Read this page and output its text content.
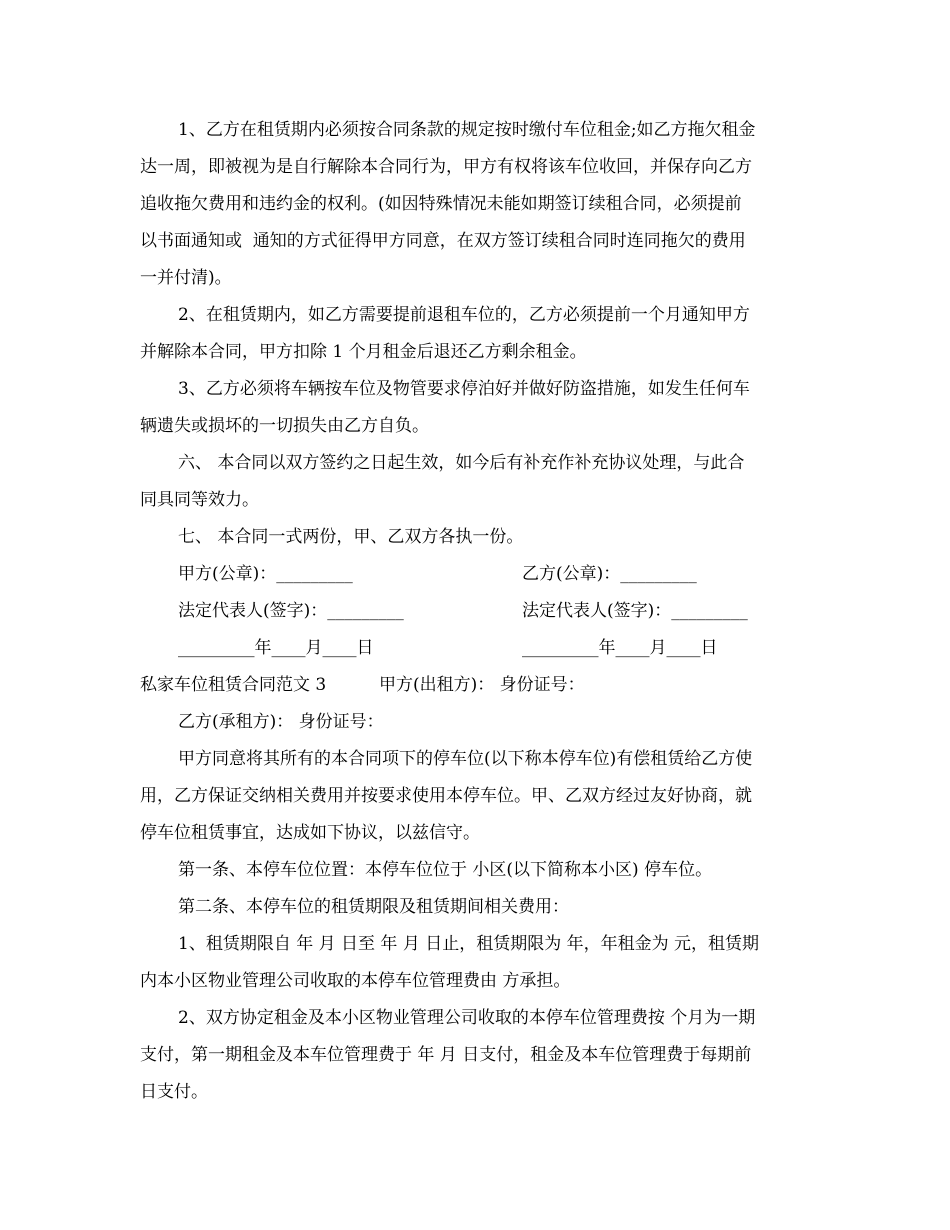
1、乙方在租赁期内必须按合同条款的规定按时缴付车位租金;如乙方拖欠租金
达一周，即被视为是自行解除本合同行为，甲方有权将该车位收回，并保存向乙方
追收拖欠费用和违约金的权利。(如因特殊情况未能如期签订续租合同，必须提前
以书面通知或  通知的方式征得甲方同意，在双方签订续租合同时连同拖欠的费用
一并付清)。
2、在租赁期内，如乙方需要提前退租车位的，乙方必须提前一个月通知甲方
并解除本合同，甲方扣除 1 个月租金后退还乙方剩余租金。
3、乙方必须将车辆按车位及物管要求停泊好并做好防盗措施，如发生任何车
辆遗失或损坏的一切损失由乙方自负。
六、 本合同以双方签约之日起生效，如今后有补充作补充协议处理，与此合
同具同等效力。
七、 本合同一式两份，甲、乙双方各执一份。
甲方(公章)：_________	乙方(公章)：_________
法定代表人(签字)：_________	法定代表人(签字)：_________
_________年____月____日	_________年____月____日
私家车位租赁合同范文 3	甲方(出租方)： 身份证号：
乙方(承租方)： 身份证号：
甲方同意将其所有的本合同项下的停车位(以下称本停车位)有偿租赁给乙方使
用，乙方保证交纳相关费用并按要求使用本停车位。甲、乙双方经过友好协商，就
停车位租赁事宜，达成如下协议，以兹信守。
第一条、本停车位位置：本停车位位于 小区(以下简称本小区) 停车位。
第二条、本停车位的租赁期限及租赁期间相关费用：
1、租赁期限自 年 月 日至 年 月 日止，租赁期限为 年，年租金为 元，租赁期
内本小区物业管理公司收取的本停车位管理费由 方承担。
2、双方协定租金及本小区物业管理公司收取的本停车位管理费按 个月为一期
支付，第一期租金及本车位管理费于 年 月 日支付，租金及本车位管理费于每期前
日支付。
